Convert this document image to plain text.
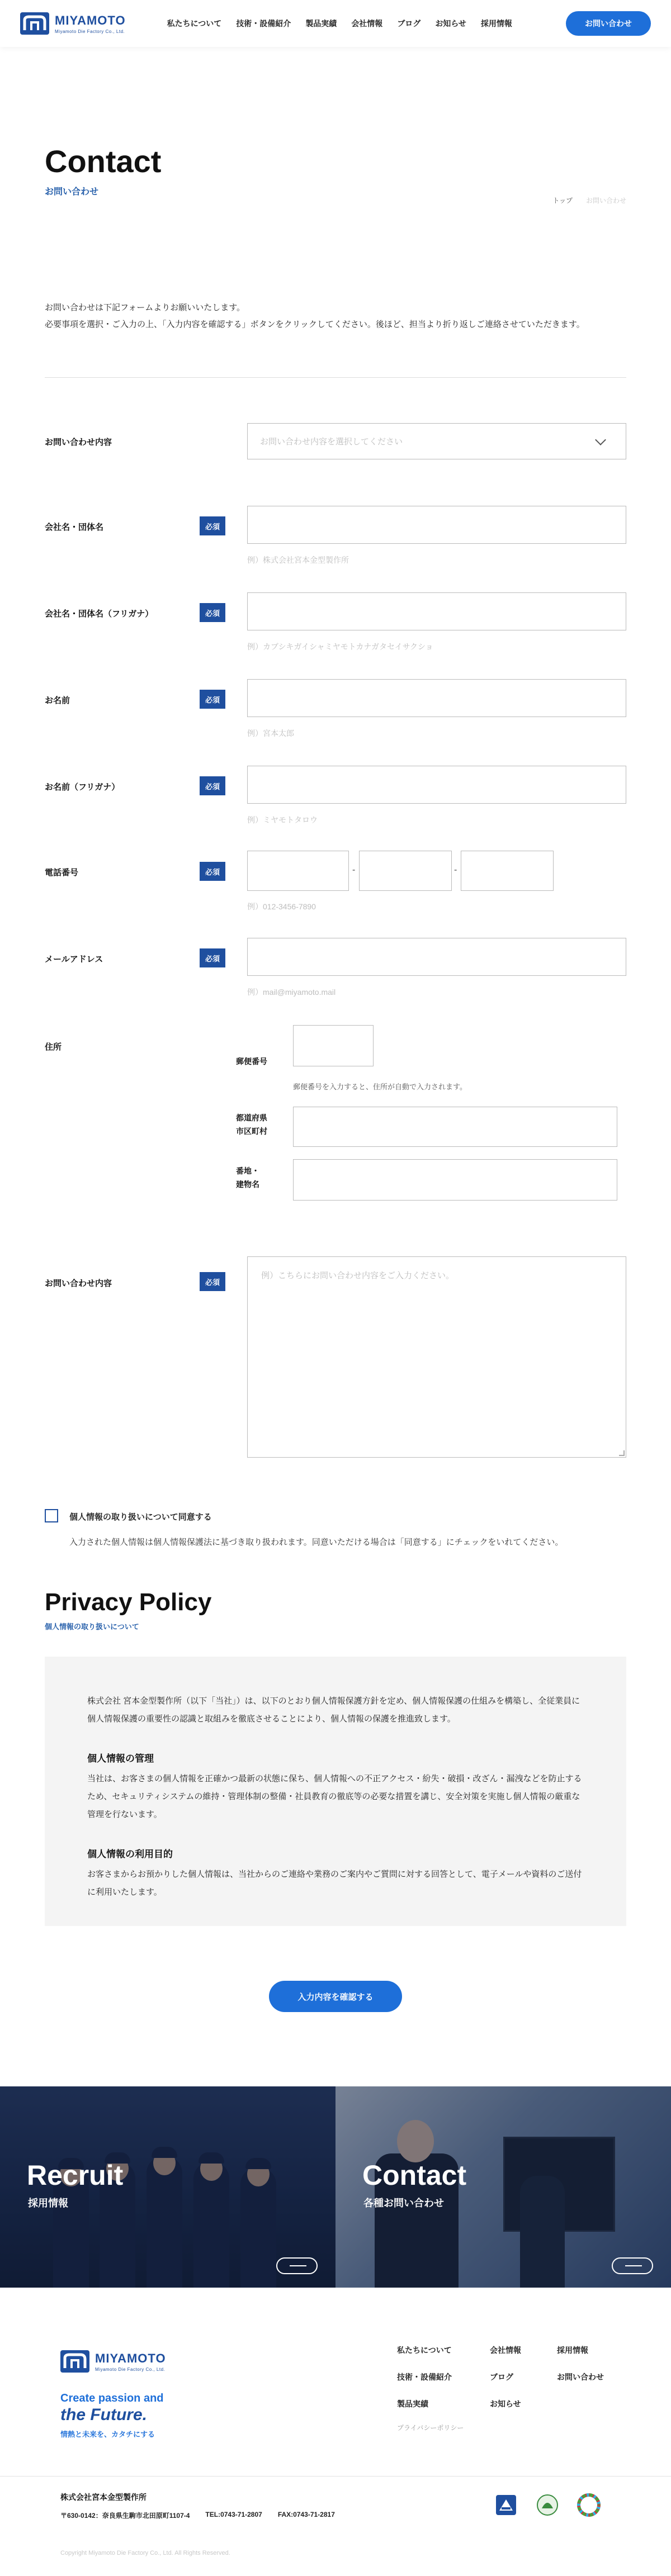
MIYAMOTO
Miyamoto Die Factory Co., Ltd.
私たちについて 技術・設備紹介 製品実績 会社情報 ブログ お知らせ 採用情報	お問い合わせ
Contact
お問い合わせ
トップ お問い合わせ
お問い合わせは下記フォームよりお願いいたします。
必要事項を選択・ご入力の上、「入力内容を確認する」ボタンをクリックしてください。後ほど、担当より折り返しご連絡させていただきます。
お問い合わせ内容	お問い合わせ内容を選択してください
会社名・団体名	必須
例）株式会社宮本金型製作所
会社名・団体名（フリガナ）	必須
例）カブシキガイシャミヤモトカナガタセイサクショ
お名前	必須
例）宮本太郎
お名前（フリガナ）	必須
例）ミヤモトタロウ
電話番号	必須	-	-
例）012-3456-7890
メールアドレス	必須
例）mail@miyamoto.mail
住所
郵便番号
郵便番号を入力すると、住所が自動で入力されます。
都道府県
市区町村
番地・
建物名
お問い合わせ内容	必須
例）こちらにお問い合わせ内容をご入力ください。
個人情報の取り扱いについて同意する
入力された個人情報は個人情報保護法に基づき取り扱われます。同意いただける場合は「同意する」にチェックをいれてください。
Privacy Policy
個人情報の取り扱いについて

株式会社 宮本金型製作所（以下「当社」）は、以下のとおり個人情報保護方針を定め、個人情報保護の仕組みを構築し、全従業員に個人情報保護の重要性の認識と取組みを徹底させることにより、個人情報の保護を推進致します。

個人情報の管理

当社は、お客さまの個人情報を正確かつ最新の状態に保ち、個人情報への不正アクセス・紛失・破損・改ざん・漏洩などを防止するため、セキュリティシステムの維持・管理体制の整備・社員教育の徹底等の必要な措置を講じ、安全対策を実施し個人情報の厳重な管理を行ないます。

個人情報の利用目的

お客さまからお預かりした個人情報は、当社からのご連絡や業務のご案内やご質問に対する回答として、電子メールや資料のご送付に利用いたします。

入力内容を確認する
Recruit
採用情報
Contact
各種お問い合わせ
MIYAMOTO
Miyamoto Die Factory Co., Ltd.
Create passion and
the Future.
情熱と未来を、カタチにする
私たちについて
技術・設備紹介
製品実績
会社情報
ブログ
お知らせ
採用情報
お問い合わせ
プライバシーポリシー
株式会社宮本金型製作所
〒630-0142：奈良県生駒市北田原町1107-4 TEL:0743-71-2807 FAX:0743-71-2817
Copyright Miyamoto Die Factory Co., Ltd. All Rights Reserved.
